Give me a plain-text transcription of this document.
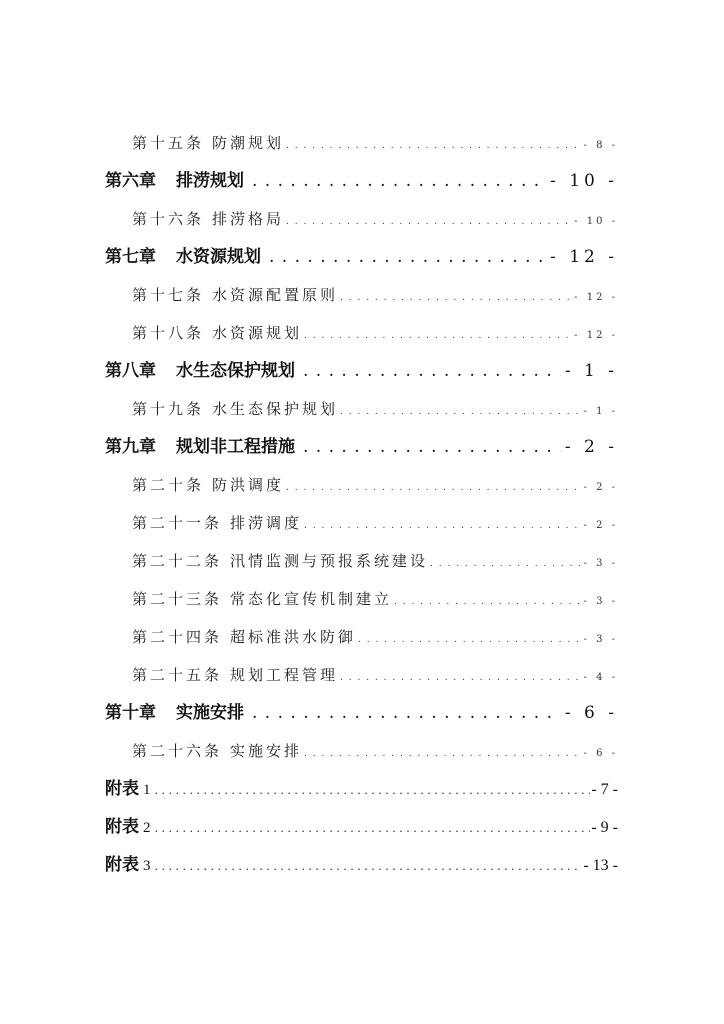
第十五条 防潮规划 . . .	- 8 -
第六章 排涝规划 . . .	- 10 -
第十六条 排涝格局 . . .	- 10 -
第七章 水资源规划 . . .	- 12 -
第十七条 水资源配置原则 . . .	- 12 -
第十八条 水资源规划 . . .	- 12 -
第八章 水生态保护规划 . . .	- 1 -
第十九条 水生态保护规划 . . .	- 1 -
第九章 规划非工程措施 . . .	- 2 -
第二十条 防洪调度 . . .	- 2 -
第二十一条 排涝调度 . . .	- 2 -
第二十二条 汛情监测与预报系统建设 . . .	- 3 -
第二十三条 常态化宣传机制建立 . . .	- 3 -
第二十四条 超标准洪水防御 . . .	- 3 -
第二十五条 规划工程管理 . . .	- 4 -
第十章 实施安排 . . .	- 6 -
第二十六条 实施安排 . . .	- 6 -
附表 1 . . .	- 7 -
附表 2 . . .	- 9 -
附表 3 . . .	- 13 -
